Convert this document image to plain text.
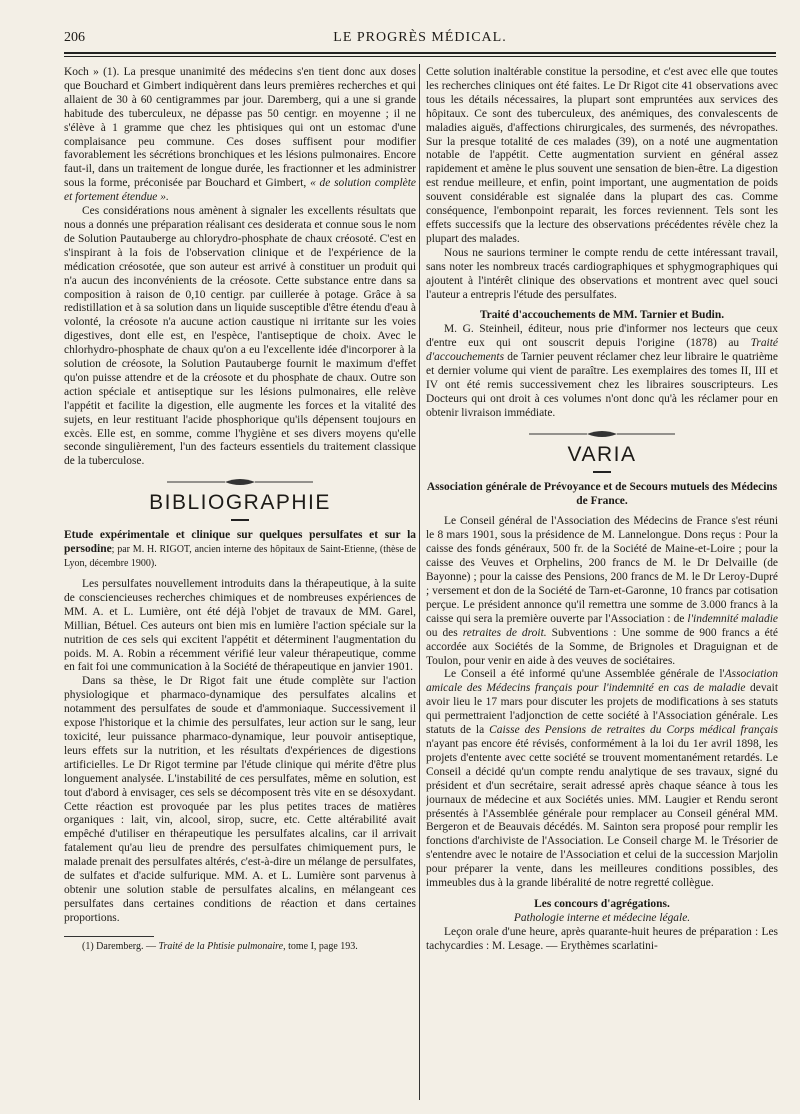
206	LE PROGRÈS MÉDICAL.

Koch » (1). La presque unanimité des médecins s'en tient donc aux doses que Bouchard et Gimbert indiquèrent dans leurs premières recherches et qui allaient de 30 à 60 centigrammes par jour. Daremberg, qui a une si grande habitude des tuberculeux, ne dépasse pas 50 centigr. en moyenne ; il ne s'élève à 1 gramme que chez les phtisiques qui ont un estomac d'une complaisance peu commune. Ces doses suffisent pour modifier favorablement les sécrétions bronchiques et les lésions pulmonaires. Encore faut-il, dans un traitement de longue durée, les fractionner et les administrer sous la forme, préconisée par Bouchard et Gimbert, « de solution complète et fortement étendue ».

Ces considérations nous amènent à signaler les excellents résultats que nous a donnés une préparation réalisant ces desiderata et connue sous le nom de Solution Pautauberge au chlorydro-phosphate de chaux créosoté. C'est en s'inspirant à la fois de l'observation clinique et de l'expérience de la médication créosotée, que son auteur est arrivé à constituer un produit qui n'a aucun des inconvénients de la créosote. Cette substance entre dans sa composition à raison de 0,10 centigr. par cuillerée à potage. Grâce à sa redistillation et à sa solution dans un liquide susceptible d'être étendu d'eau à volonté, la créosote n'a aucune action caustique ni irritante sur les voies digestives, dont elle est, en l'espèce, l'antiseptique de choix. Avec le chlorhydro-phosphate de chaux qu'on a eu l'excellente idée d'incorporer à la solution de créosote, la Solution Pautauberge fournit le maximum d'effet qu'on puisse attendre et de la créosote et du phosphate de chaux. Outre son action spéciale et antiseptique sur les lésions pulmonaires, elle relève l'appétit et facilite la digestion, elle augmente les forces et la vitalité des sujets, en leur restituant l'acide phosphorique qu'ils dépensent toujours en excès. Elle est, en somme, comme l'hygiène et ses divers moyens qu'elle seconde singulièrement, l'un des facteurs essentiels du traitement classique de la tuberculose.

BIBLIOGRAPHIE

Etude expérimentale et clinique sur quelques persulfates et sur la persodine; par M. H. RIGOT, ancien interne des hôpitaux de Saint-Etienne, (thèse de Lyon, décembre 1900).

Les persulfates nouvellement introduits dans la thérapeutique, à la suite de consciencieuses recherches chimiques et de nombreuses expériences de MM. A. et L. Lumière, ont été déjà l'objet de travaux de MM. Garel, Millian, Bétuel. Ces auteurs ont bien mis en lumière l'action spéciale sur la nutrition de ces sels qui excitent l'appétit et déterminent l'augmentation du poids. M. A. Robin a récemment vérifié leur valeur thérapeutique, comme en fait foi une communication à la Société de thérapeutique en janvier 1901.

Dans sa thèse, le Dr Rigot fait une étude complète sur l'action physiologique et pharmaco-dynamique des persulfates alcalins et notamment des persulfates de soude et d'ammoniaque. Successivement il expose l'historique et la chimie des persulfates, leur action sur le sang, leur toxicité, leur puissance pharmaco-dynamique, leur pouvoir antiseptique, leurs effets sur la nutrition, et les résultats d'expériences de digestions artificielles. Le Dr Rigot termine par l'étude clinique qui mérite d'être plus longuement analysée. L'instabilité de ces persulfates, même en solution, est tout d'abord à envisager, ces sels se décomposent très vite en se désoxydant. Cette réaction est provoquée par les plus petites traces de matières organiques : lait, vin, alcool, sirop, sucre, etc. Cette altérabilité avait empêché d'utiliser en thérapeutique les persulfates alcalins, car il arrivait fatalement qu'au lieu de prendre des persulfates chimiquement purs, le malade prenait des persulfates altérés, c'est-à-dire un mélange de persulfates, de sulfates et d'acide sulfurique. MM. A. et L. Lumière sont parvenus à obtenir une solution stable de persulfates alcalins, en mélangeant ces persulfates dans certaines conditions de réaction et dans certaines proportions.

(1) Daremberg. — Traité de la Phtisie pulmonaire, tome I, page 193.

Cette solution inaltérable constitue la persodine, et c'est avec elle que toutes les recherches cliniques ont été faites. Le Dr Rigot cite 41 observations avec tous les détails nécessaires, la plupart sont empruntées aux services des hôpitaux. Ce sont des tuberculeux, des anémiques, des convalescents de maladies aiguës, d'affections chirurgicales, des surmenés, des névropathes. Sur la presque totalité de ces malades (39), on a noté une augmentation notable de l'appétit. Cette augmentation survient en général assez rapidement et amène le plus souvent une sensation de bien-être. La digestion est rendue meilleure, et enfin, point important, une augmentation de poids souvent considérable est signalée dans la plupart des cas. Comme conséquence, l'embonpoint reparait, les forces reviennent. Tels sont les effets successifs que la lecture des observations précédentes révèle chez la plupart des malades.

Nous ne saurions terminer le compte rendu de cette intéressant travail, sans noter les nombreux tracés cardiographiques et sphygmographiques qui ajoutent à l'intérêt clinique des observations et montrent avec quel souci l'auteur a entrepris l'étude des persulfates.

Traité d'accouchements de MM. Tarnier et Budin.

M. G. Steinheil, éditeur, nous prie d'informer nos lecteurs que ceux d'entre eux qui ont souscrit depuis l'origine (1878) au Traité d'accouchements de Tarnier peuvent réclamer chez leur libraire le quatrième et dernier volume qui vient de paraître. Les exemplaires des tomes II, III et IV ont été remis successivement chez les libraires souscripteurs. Les Docteurs qui ont droit à ces volumes n'ont donc qu'à les réclamer pour en obtenir livraison immédiate.

VARIA

Association générale de Prévoyance et de Secours mutuels des Médecins de France.

Le Conseil général de l'Association des Médecins de France s'est réuni le 8 mars 1901, sous la présidence de M. Lannelongue. Dons reçus : Pour la caisse des fonds généraux, 500 fr. de la Société de Maine-et-Loire ; pour la caisse des Veuves et Orphelins, 200 francs de M. le Dr Delvaille (de Bayonne) ; pour la caisse des Pensions, 200 francs de M. le Dr Leroy-Dupré ; versement et don de la Société de Tarn-et-Garonne, 10 francs par cotisation perçue. Le président annonce qu'il remettra une somme de 3.000 francs à la caisse qui sera la première ouverte par l'Association : de l'indemnité maladie ou des retraites de droit. Subventions : Une somme de 900 francs a été accordée aux Sociétés de la Somme, de Brignoles et Draguignan et de Toulon, pour venir en aide à des veuves de sociétaires.

Le Conseil a été informé qu'une Assemblée générale de l'Association amicale des Médecins français pour l'indemnité en cas de maladie devait avoir lieu le 17 mars pour discuter les projets de modifications à ses statuts qui permettraient l'adjonction de cette société à l'Association générale. Les statuts de la Caisse des Pensions de retraites du Corps médical français n'ayant pas encore été révisés, conformément à la loi du 1er avril 1898, les projets d'entente avec cette société se trouvent momentanément retardés. Le Conseil a décidé qu'un compte rendu analytique de ses travaux, signé du président et d'un secrétaire, serait adressé après chaque séance à tous les journaux de médecine et aux Sociétés unies. MM. Laugier et Rendu seront présentés à l'Assemblée générale pour remplacer au Conseil général MM. Bergeron et de Beauvais décédés. M. Sainton sera proposé pour remplir les fonctions d'archiviste de l'Association. Le Conseil charge M. le Trésorier de s'entendre avec le notaire de l'Association et celui de la succession Marjolin pour préparer la vente, dans les meilleures conditions possibles, des immeubles dus à la grande libéralité de notre regretté collègue.

Les concours d'agrégations.

Pathologie interne et médecine légale.

Leçon orale d'une heure, après quarante-huit heures de préparation : Les tachycardies : M. Lesage. — Erythèmes scarlatini-
